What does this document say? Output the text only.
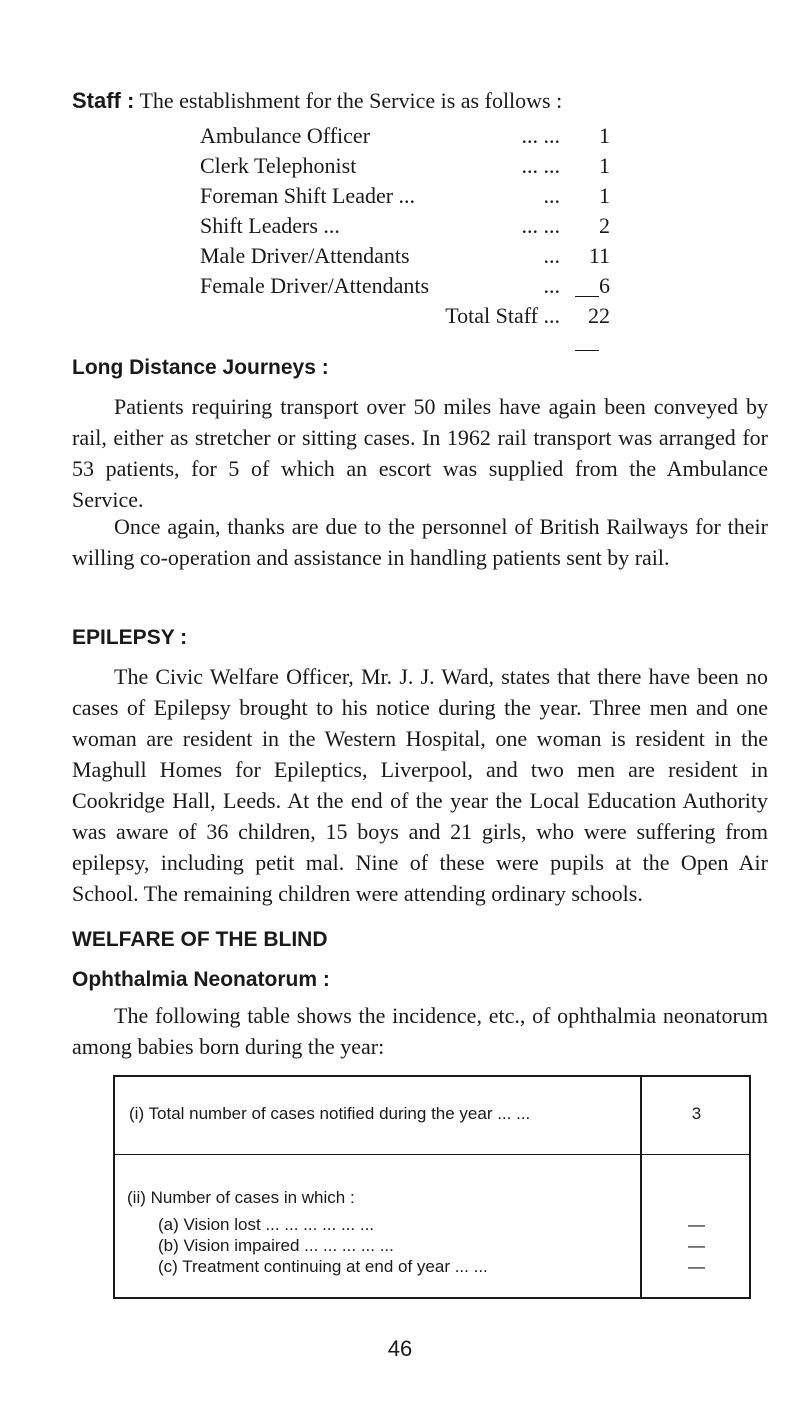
Staff : The establishment for the Service is as follows :
Ambulance Officer	... ...	1
Clerk Telephonist	... ...	1
Foreman Shift Leader ...	...	1
Shift Leaders ...	... ...	2
Male Driver/Attendants	...	11
Female Driver/Attendants	...	6
Total Staff ...	22
Long Distance Journeys :

Patients requiring transport over 50 miles have again been conveyed by rail, either as stretcher or sitting cases. In 1962 rail transport was arranged for 53 patients, for 5 of which an escort was supplied from the Ambulance Service.

Once again, thanks are due to the personnel of British Railways for their willing co-operation and assistance in handling patients sent by rail.

EPILEPSY :

The Civic Welfare Officer, Mr. J. J. Ward, states that there have been no cases of Epilepsy brought to his notice during the year. Three men and one woman are resident in the Western Hospital, one woman is resident in the Maghull Homes for Epileptics, Liverpool, and two men are resident in Cookridge Hall, Leeds. At the end of the year the Local Education Authority was aware of 36 children, 15 boys and 21 girls, who were suffering from epilepsy, including petit mal. Nine of these were pupils at the Open Air School. The remaining children were attending ordinary schools.

WELFARE OF THE BLIND
Ophthalmia Neonatorum :

The following table shows the incidence, etc., of ophthalmia neonatorum among babies born during the year:

(i) Total number of cases notified during the year ... ...	3
(ii) Number of cases in which :
(a) Vision lost ... ... ... ... ... ...	—
(b) Vision impaired ... ... ... ... ...	—
(c) Treatment continuing at end of year ... ...	—
46
